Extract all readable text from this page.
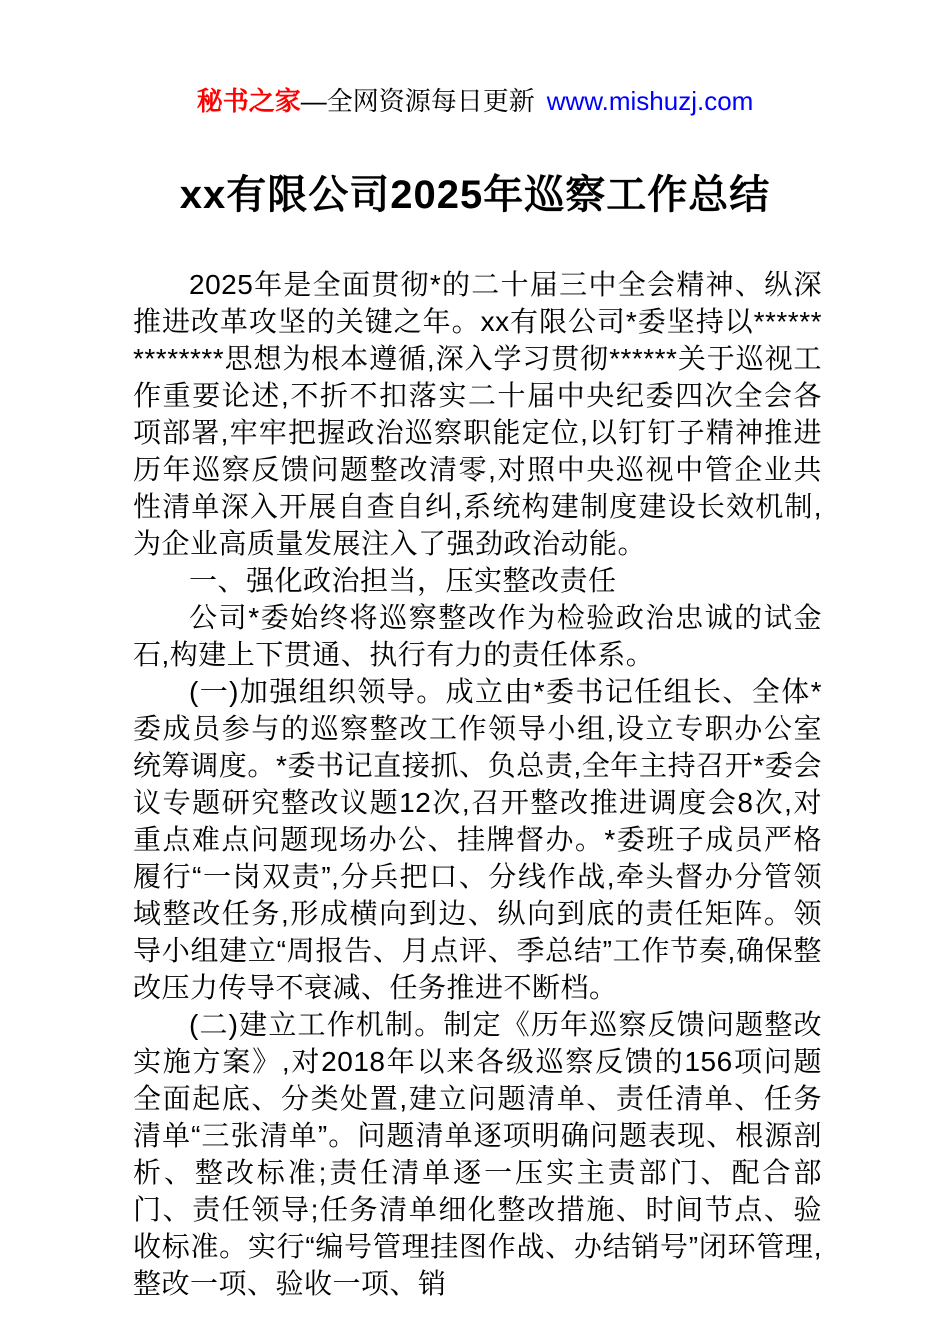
秘书之家—全网资源每日更新 www.mishuzj.com
xx有限公司2025年巡察工作总结

2025年是全面贯彻*的二十届三中全会精神、纵深推进改革攻坚的关键之年。xx有限公司*委坚持以**************思想为根本遵循,深入学习贯彻******关于巡视工作重要论述,不折不扣落实二十届中央纪委四次全会各项部署,牢牢把握政治巡察职能定位,以钉钉子精神推进历年巡察反馈问题整改清零,对照中央巡视中管企业共性清单深入开展自查自纠,系统构建制度建设长效机制,为企业高质量发展注入了强劲政治动能。

一、强化政治担当，压实整改责任

公司*委始终将巡察整改作为检验政治忠诚的试金石,构建上下贯通、执行有力的责任体系。

(一)加强组织领导。成立由*委书记任组长、全体*委成员参与的巡察整改工作领导小组,设立专职办公室统筹调度。*委书记直接抓、负总责,全年主持召开*委会议专题研究整改议题12次,召开整改推进调度会8次,对重点难点问题现场办公、挂牌督办。*委班子成员严格履行“一岗双责”,分兵把口、分线作战,牵头督办分管领域整改任务,形成横向到边、纵向到底的责任矩阵。领导小组建立“周报告、月点评、季总结”工作节奏,确保整改压力传导不衰减、任务推进不断档。

(二)建立工作机制。制定《历年巡察反馈问题整改实施方案》,对2018年以来各级巡察反馈的156项问题全面起底、分类处置,建立问题清单、责任清单、任务清单“三张清单”。问题清单逐项明确问题表现、根源剖析、整改标准;责任清单逐一压实主责部门、配合部门、责任领导;任务清单细化整改措施、时间节点、验收标准。实行“编号管理挂图作战、办结销号”闭环管理,整改一项、验收一项、销
